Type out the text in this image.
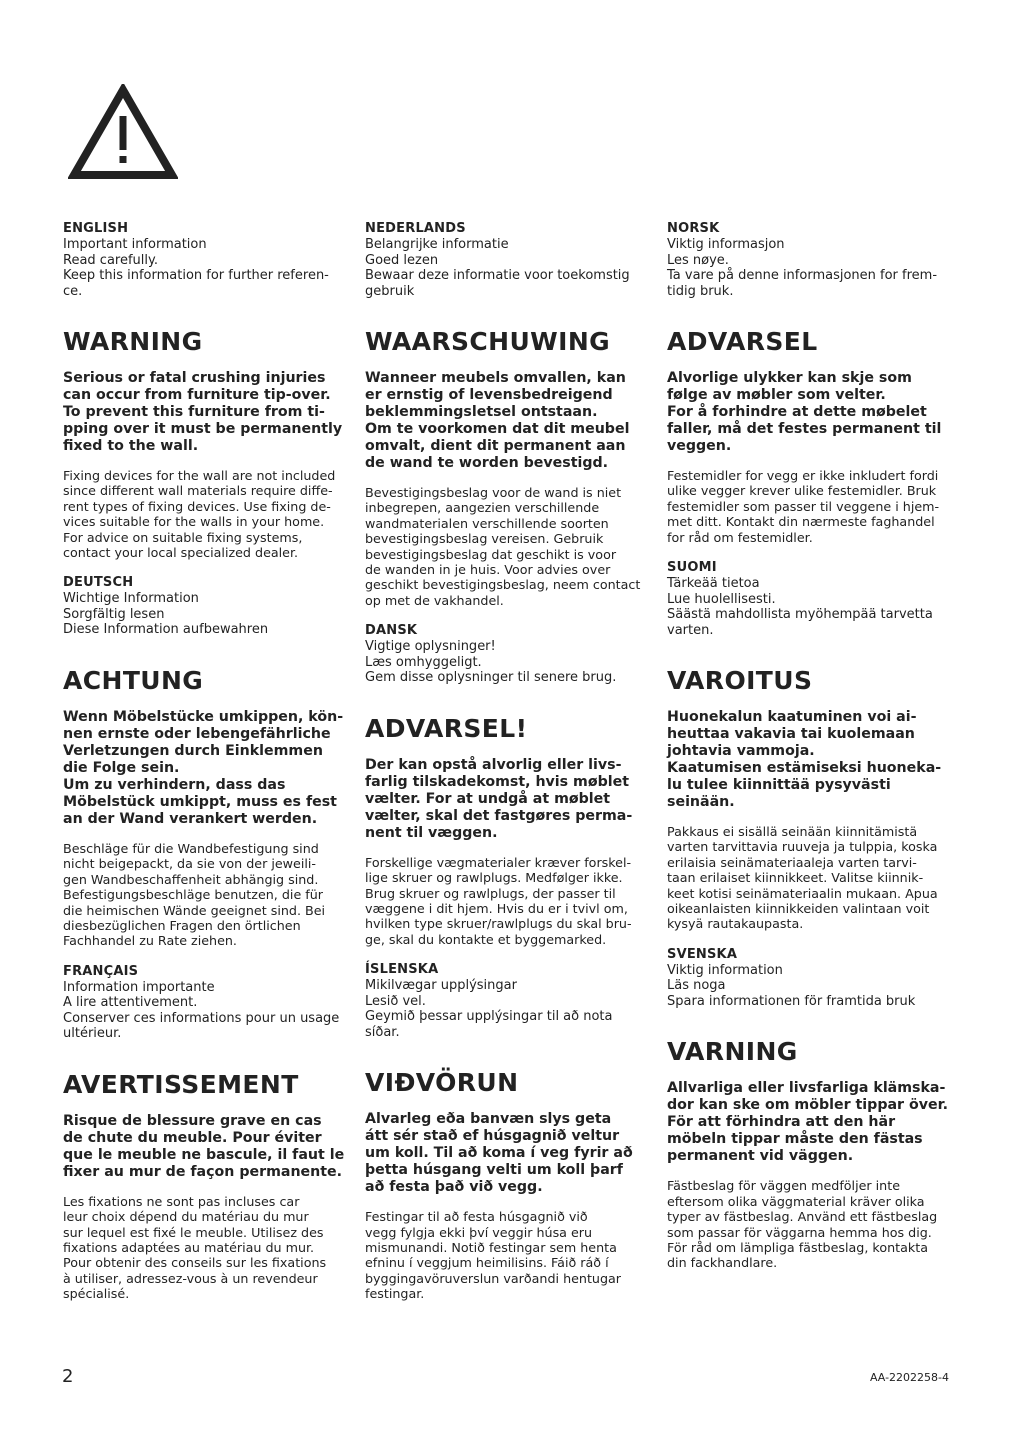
ENGLISH

Important information

Read carefully.

Keep this information for further referen-

ce.

WARNING
Serious or fatal crushing injuries
can occur from furniture tip-over.
To prevent this furniture from ti-
pping over it must be permanently
fixed to the wall.
Fixing devices for the wall are not included
since different wall materials require diffe-
rent types of fixing devices. Use fixing de-
vices suitable for the walls in your home.
For advice on suitable fixing systems,
contact your local specialized dealer.
DEUTSCH

Wichtige Information

Sorgfältig lesen

Diese Information aufbewahren

ACHTUNG
Wenn Möbelstücke umkippen, kön-
nen ernste oder lebengefährliche
Verletzungen durch Einklemmen
die Folge sein.
Um zu verhindern, dass das
Möbelstück umkippt, muss es fest
an der Wand verankert werden.
Beschläge für die Wandbefestigung sind
nicht beigepackt, da sie von der jeweili-
gen Wandbeschaffenheit abhängig sind.
Befestigungsbeschläge benutzen, die für
die heimischen Wände geeignet sind. Bei
diesbezüglichen Fragen den örtlichen
Fachhandel zu Rate ziehen.
FRANÇAIS

Information importante

A lire attentivement.

Conserver ces informations pour un usage

ultérieur.

AVERTISSEMENT
Risque de blessure grave en cas
de chute du meuble. Pour éviter
que le meuble ne bascule, il faut le
fixer au mur de façon permanente.
Les fixations ne sont pas incluses car
leur choix dépend du matériau du mur
sur lequel est fixé le meuble. Utilisez des
fixations adaptées au matériau du mur.
Pour obtenir des conseils sur les fixations
à utiliser, adressez-vous à un revendeur
spécialisé.
NEDERLANDS

Belangrijke informatie

Goed lezen

Bewaar deze informatie voor toekomstig

gebruik

WAARSCHUWING
Wanneer meubels omvallen, kan
er ernstig of levensbedreigend
beklemmingsletsel ontstaan.
Om te voorkomen dat dit meubel
omvalt, dient dit permanent aan
de wand te worden bevestigd.
Bevestigingsbeslag voor de wand is niet
inbegrepen, aangezien verschillende
wandmaterialen verschillende soorten
bevestigingsbeslag vereisen. Gebruik
bevestigingsbeslag dat geschikt is voor
de wanden in je huis. Voor advies over
geschikt bevestigingsbeslag, neem contact
op met de vakhandel.
DANSK

Vigtige oplysninger!

Læs omhyggeligt.

Gem disse oplysninger til senere brug.

ADVARSEL!
Der kan opstå alvorlig eller livs-
farlig tilskadekomst, hvis møblet
vælter. For at undgå at møblet
vælter, skal det fastgøres perma-
nent til væggen.
Forskellige vægmaterialer kræver forskel-
lige skruer og rawlplugs. Medfølger ikke.
Brug skruer og rawlplugs, der passer til
væggene i dit hjem. Hvis du er i tvivl om,
hvilken type skruer/rawlplugs du skal bru-
ge, skal du kontakte et byggemarked.
ÍSLENSKA

Mikilvægar upplýsingar

Lesið vel.

Geymið þessar upplýsingar til að nota

síðar.

VIÐVÖRUN
Alvarleg eða banvæn slys geta
átt sér stað ef húsgagnið veltur
um koll. Til að koma í veg fyrir að
þetta húsgang velti um koll þarf
að festa það við vegg.
Festingar til að festa húsgagnið við
vegg fylgja ekki því veggir húsa eru
mismunandi. Notið festingar sem henta
efninu í veggjum heimilisins. Fáið ráð í
byggingavöruverslun varðandi hentugar
festingar.
NORSK

Viktig informasjon

Les nøye.

Ta vare på denne informasjonen for frem-

tidig bruk.

ADVARSEL
Alvorlige ulykker kan skje som
følge av møbler som velter.
For å forhindre at dette møbelet
faller, må det festes permanent til
veggen.
Festemidler for vegg er ikke inkludert fordi
ulike vegger krever ulike festemidler. Bruk
festemidler som passer til veggene i hjem-
met ditt. Kontakt din nærmeste faghandel
for råd om festemidler.
SUOMI

Tärkeää tietoa

Lue huolellisesti.

Säästä mahdollista myöhempää tarvetta

varten.

VAROITUS
Huonekalun kaatuminen voi ai-
heuttaa vakavia tai kuolemaan
johtavia vammoja.
Kaatumisen estämiseksi huoneka-
lu tulee kiinnittää pysyvästi
seinään.
Pakkaus ei sisällä seinään kiinnitämistä
varten tarvittavia ruuveja ja tulppia, koska
erilaisia seinämateriaaleja varten tarvi-
taan erilaiset kiinnikkeet. Valitse kiinnik-
keet kotisi seinämateriaalin mukaan. Apua
oikeanlaisten kiinnikkeiden valintaan voit
kysyä rautakaupasta.
SVENSKA

Viktig information

Läs noga

Spara informationen för framtida bruk

VARNING
Allvarliga eller livsfarliga klämska-
dor kan ske om möbler tippar över.
För att förhindra att den här
möbeln tippar måste den fästas
permanent vid väggen.
Fästbeslag för väggen medföljer inte
eftersom olika väggmaterial kräver olika
typer av fästbeslag. Använd ett fästbeslag
som passar för väggarna hemma hos dig.
För råd om lämpliga fästbeslag, kontakta
din fackhandlare.
2	AA-2202258-4
